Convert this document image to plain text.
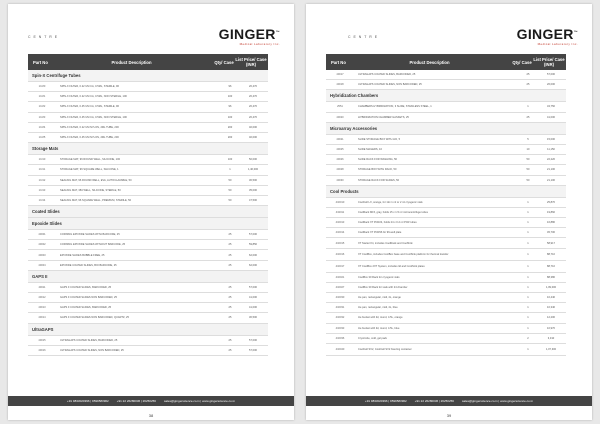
C E N T R E	GINGER™
Medical Laboratory Inc.
Part No	Product Description	Qty/ Case List Price/ Case (INR)
Spin-X Centrifuge Tubes
10-80	SPIN-X FILTER, 0.22 UM CA, 0.5ML, STERILE, 96	96	20,470
10-81	SPIN-X FILTER, 0.22 UM CA, 0.5ML, NON STERILE, 100	100	20,470
10-82	SPIN-X FILTER, 0.45 UM CA, 0.5ML, STERILE, 96	96	20,470
10-83	SPIN-X FILTER, 0.45 UM CA, 0.5ML, NON STERILE, 100	100	20,470
10-84	SPIN-X FILTER, 0.22 UM NYLON, 2ML TUBE, 200	200	40,000
10-85	SPIN-X FILTER, 0.45 UM NYLON, 2ML TUBE, 200	200	40,000
Storage Mats
10-90	STORAGE MAT, 96 ROUND WELL, SILICONE, 100	100	50,000
10-91	STORAGE MAT, 96 SQUARE WELL, SILICONE, 1	1	1,46,000
10-92	SEALING MAT, 96 ROUND WELL, EVA, AUTOCLAVABLE, 50	50	30,500
10-93	SEALING MAT, 384 WELL, SILICONE, STERILE, 50	50	35,000
10-94	SEALING MAT, 96 SQUARE WELL, PREMIUM, STERILE, 50	50	47,500
Coated Slides
Epoxide Slides
40001	CORNING EPOXIDE SLIDES WITH BARCODE, 25	25	57,000
40002	CORNING EPOXIDE SLIDES WITHOUT BARCODE, 25	25	59,850
40003	EPOXIDE SLIDES BUBBLE FREE, 25	25	62,000
40004	EPOXIDE COATED SLIDES, BIO BARCODE, 25	25	62,000
GAPS II
40011	GAPS II COATED SLIDES, BARCODED, 25	25	57,000
40012	GAPS II COATED SLIDES NON BARCODED, 25	25	41,000
40013	GAPS II COATED SLIDES, BARCODED, 25	25	41,000
40014	GAPS II COATED SLIDES NON BARCODED, QUARTZ, 25	25	30,500
UltraGAPS
40015	ULTRAGAPS COATED SLIDES, BARCODED, 25	25	57,000
40016	ULTRAGAPS COATED SLIDES, NON BARCODED, 25	25	57,000
+91 9833020396 | 9599583962	+91 22 26280036 | 26250256	sales@gingerscience.co.in | www.gingerscience.co.in
38
C E N T R E	GINGER™
Medical Laboratory Inc.
Part No	Product Description	Qty/ Case List Price/ Case (INR)
40017	ULTRAGAPS COATED SLIDES, BARCODED, 25	25	57,000
40018	ULTRAGAPS COATED SLIDES, NON BARCODED, 25	25	26,000
Hybridization Chambers
2551	CHAMBERS HYBRIDIZATION, 3 SLIDE, STAINLESS STEEL, 1	1	34,750
40020	HYBRIDIZATION CHAMBER GASKETS, 25	25	41,000
Microarray Accessories
40021	SLIDE STORAGE BOX WITH LID, 5	5	15,000
40025	SLIDE MAILERS, 10	10	11,150
40026	SLIDE RACK FOR WASHING, 50	50	22,220
40028	STORAGE BOX WITH RACK, 50	50	21,100
40030	STORAGE RACK FOR SLIDES, 50	50	21,100
Cool Products
432010	CoolCell LX, orange, for 12x 1 ml or 2 ml cryogenic vials	1	25,870
432011	CoolRack M15, gray, holds 15 x 1.5 ml microcentrifuge tubes	1	19,860
432013	CoolRack XT PCR24, holds 24 x 0.2 ml PCR tubes	1	16,880
432014	CoolRack XT PCR96 for 96-well plate	1	45,700
432015	XT Starter Kit, includes CoolRack and CoolSink	1	58,917
432016	XT CoolBox, includes CoolBox base and CoolSink platform for thermal transfer	1	88,710
432017	XT CoolBox 2XT System, includes lid and CoolSink plates	1	88,710
432021	CoolBox 30 Rack for cryogenic vials	1	88,380
432027	CoolBox 30 Rack for vials with 24 chamber	1	1,09,000
432030	Ice pan, rectangular, midi, 4L, orange	1	10,440
432031	Ice pan, rectangular, midi, 4L, blue	1	10,340
432032	Ice bucket with lid, round, 4.5L, orange	1	12,200
432033	Ice bucket with lid, round, 4.5L, blue	1	10,970
432036	CryoCube, cold, gel pack	2	3,310
432040	CoolCell SV2, CoolCell SV2 freezing container	1	1,07,300
+91 9833020396 | 9599583962	+91 22 26280036 | 26250256	sales@gingerscience.co.in | www.gingerscience.co.in
39
